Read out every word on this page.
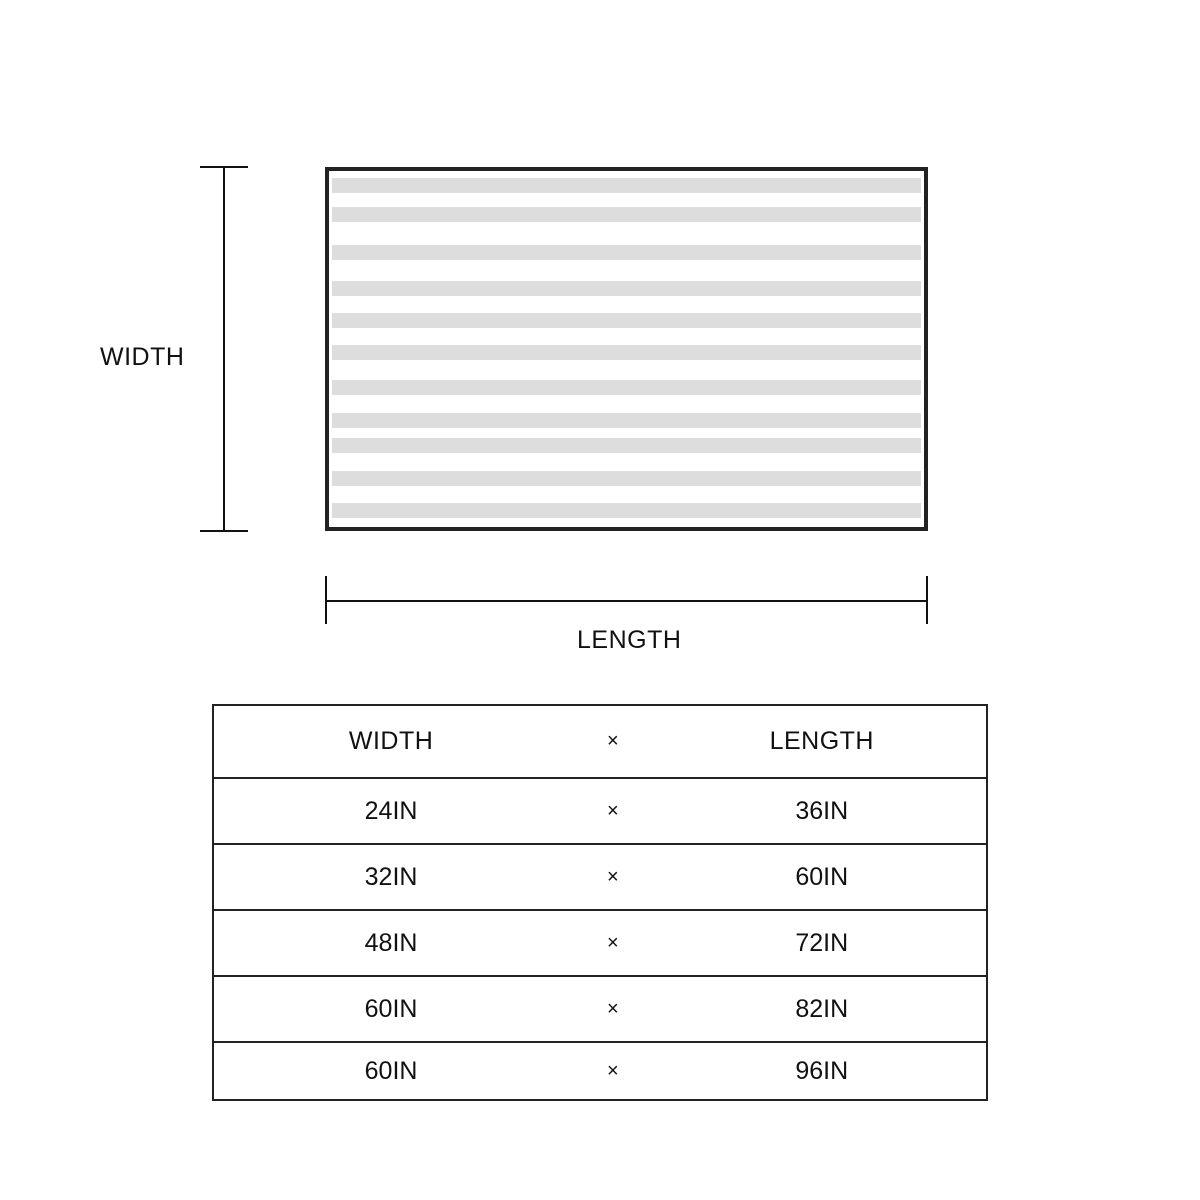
WIDTH
LENGTH
WIDTH	×	LENGTH
24IN	×	36IN
32IN	×	60IN
48IN	×	72IN
60IN	×	82IN
60IN	×	96IN
